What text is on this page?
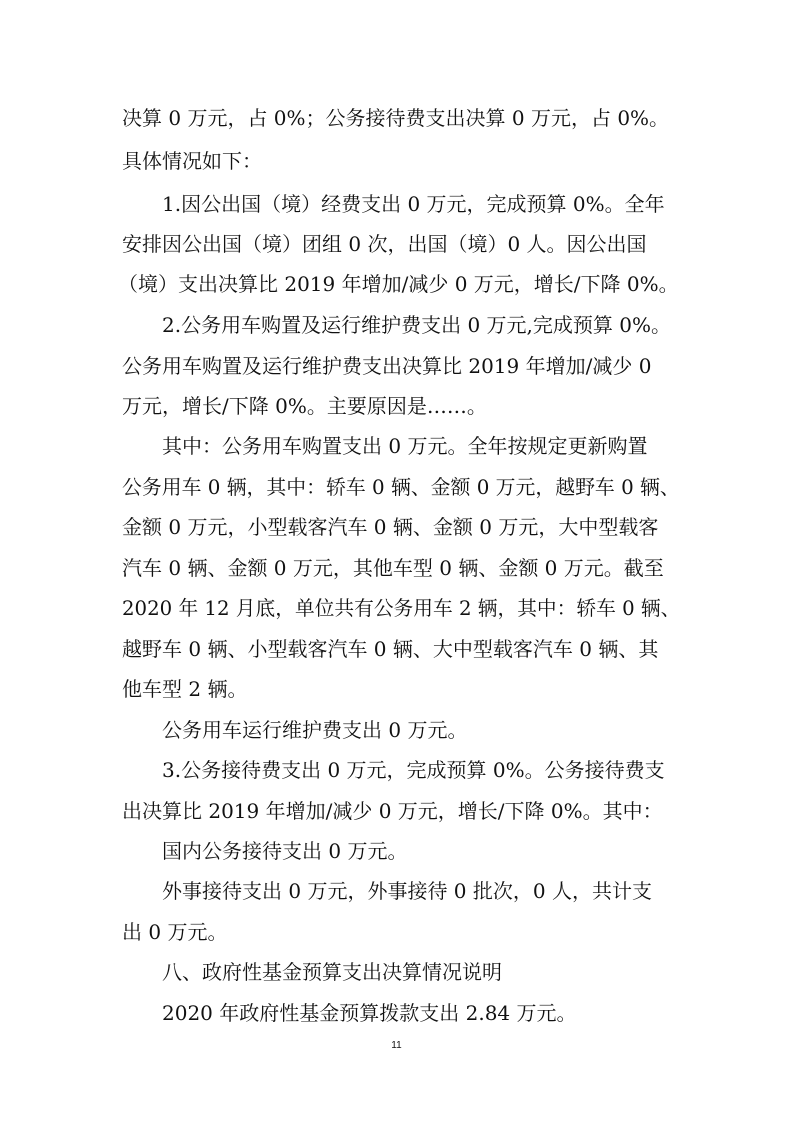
决算 0 万元，占 0%；公务接待费支出决算 0 万元，占 0%。
具体情况如下：
1.因公出国（境）经费支出 0 万元，完成预算 0%。全年
安排因公出国（境）团组 0 次，出国（境）0 人。因公出国
（境）支出决算比 2019 年增加/减少 0 万元，增长/下降 0%。
2.公务用车购置及运行维护费支出 0 万元,完成预算 0%。
公务用车购置及运行维护费支出决算比 2019 年增加/减少 0
万元，增长/下降 0%。主要原因是……。
其中：公务用车购置支出 0 万元。全年按规定更新购置
公务用车 0 辆，其中：轿车 0 辆、金额 0 万元，越野车 0 辆、
金额 0 万元，小型载客汽车 0 辆、金额 0 万元，大中型载客
汽车 0 辆、金额 0 万元，其他车型 0 辆、金额 0 万元。截至
2020 年 12 月底，单位共有公务用车 2 辆，其中：轿车 0 辆、
越野车 0 辆、小型载客汽车 0 辆、大中型载客汽车 0 辆、其
他车型 2 辆。
公务用车运行维护费支出 0 万元。
3.公务接待费支出 0 万元，完成预算 0%。公务接待费支
出决算比 2019 年增加/减少 0 万元，增长/下降 0%。其中：
国内公务接待支出 0 万元。
外事接待支出 0 万元，外事接待 0 批次，0 人，共计支
出 0 万元。
八、政府性基金预算支出决算情况说明
2020 年政府性基金预算拨款支出 2.84 万元。
11
